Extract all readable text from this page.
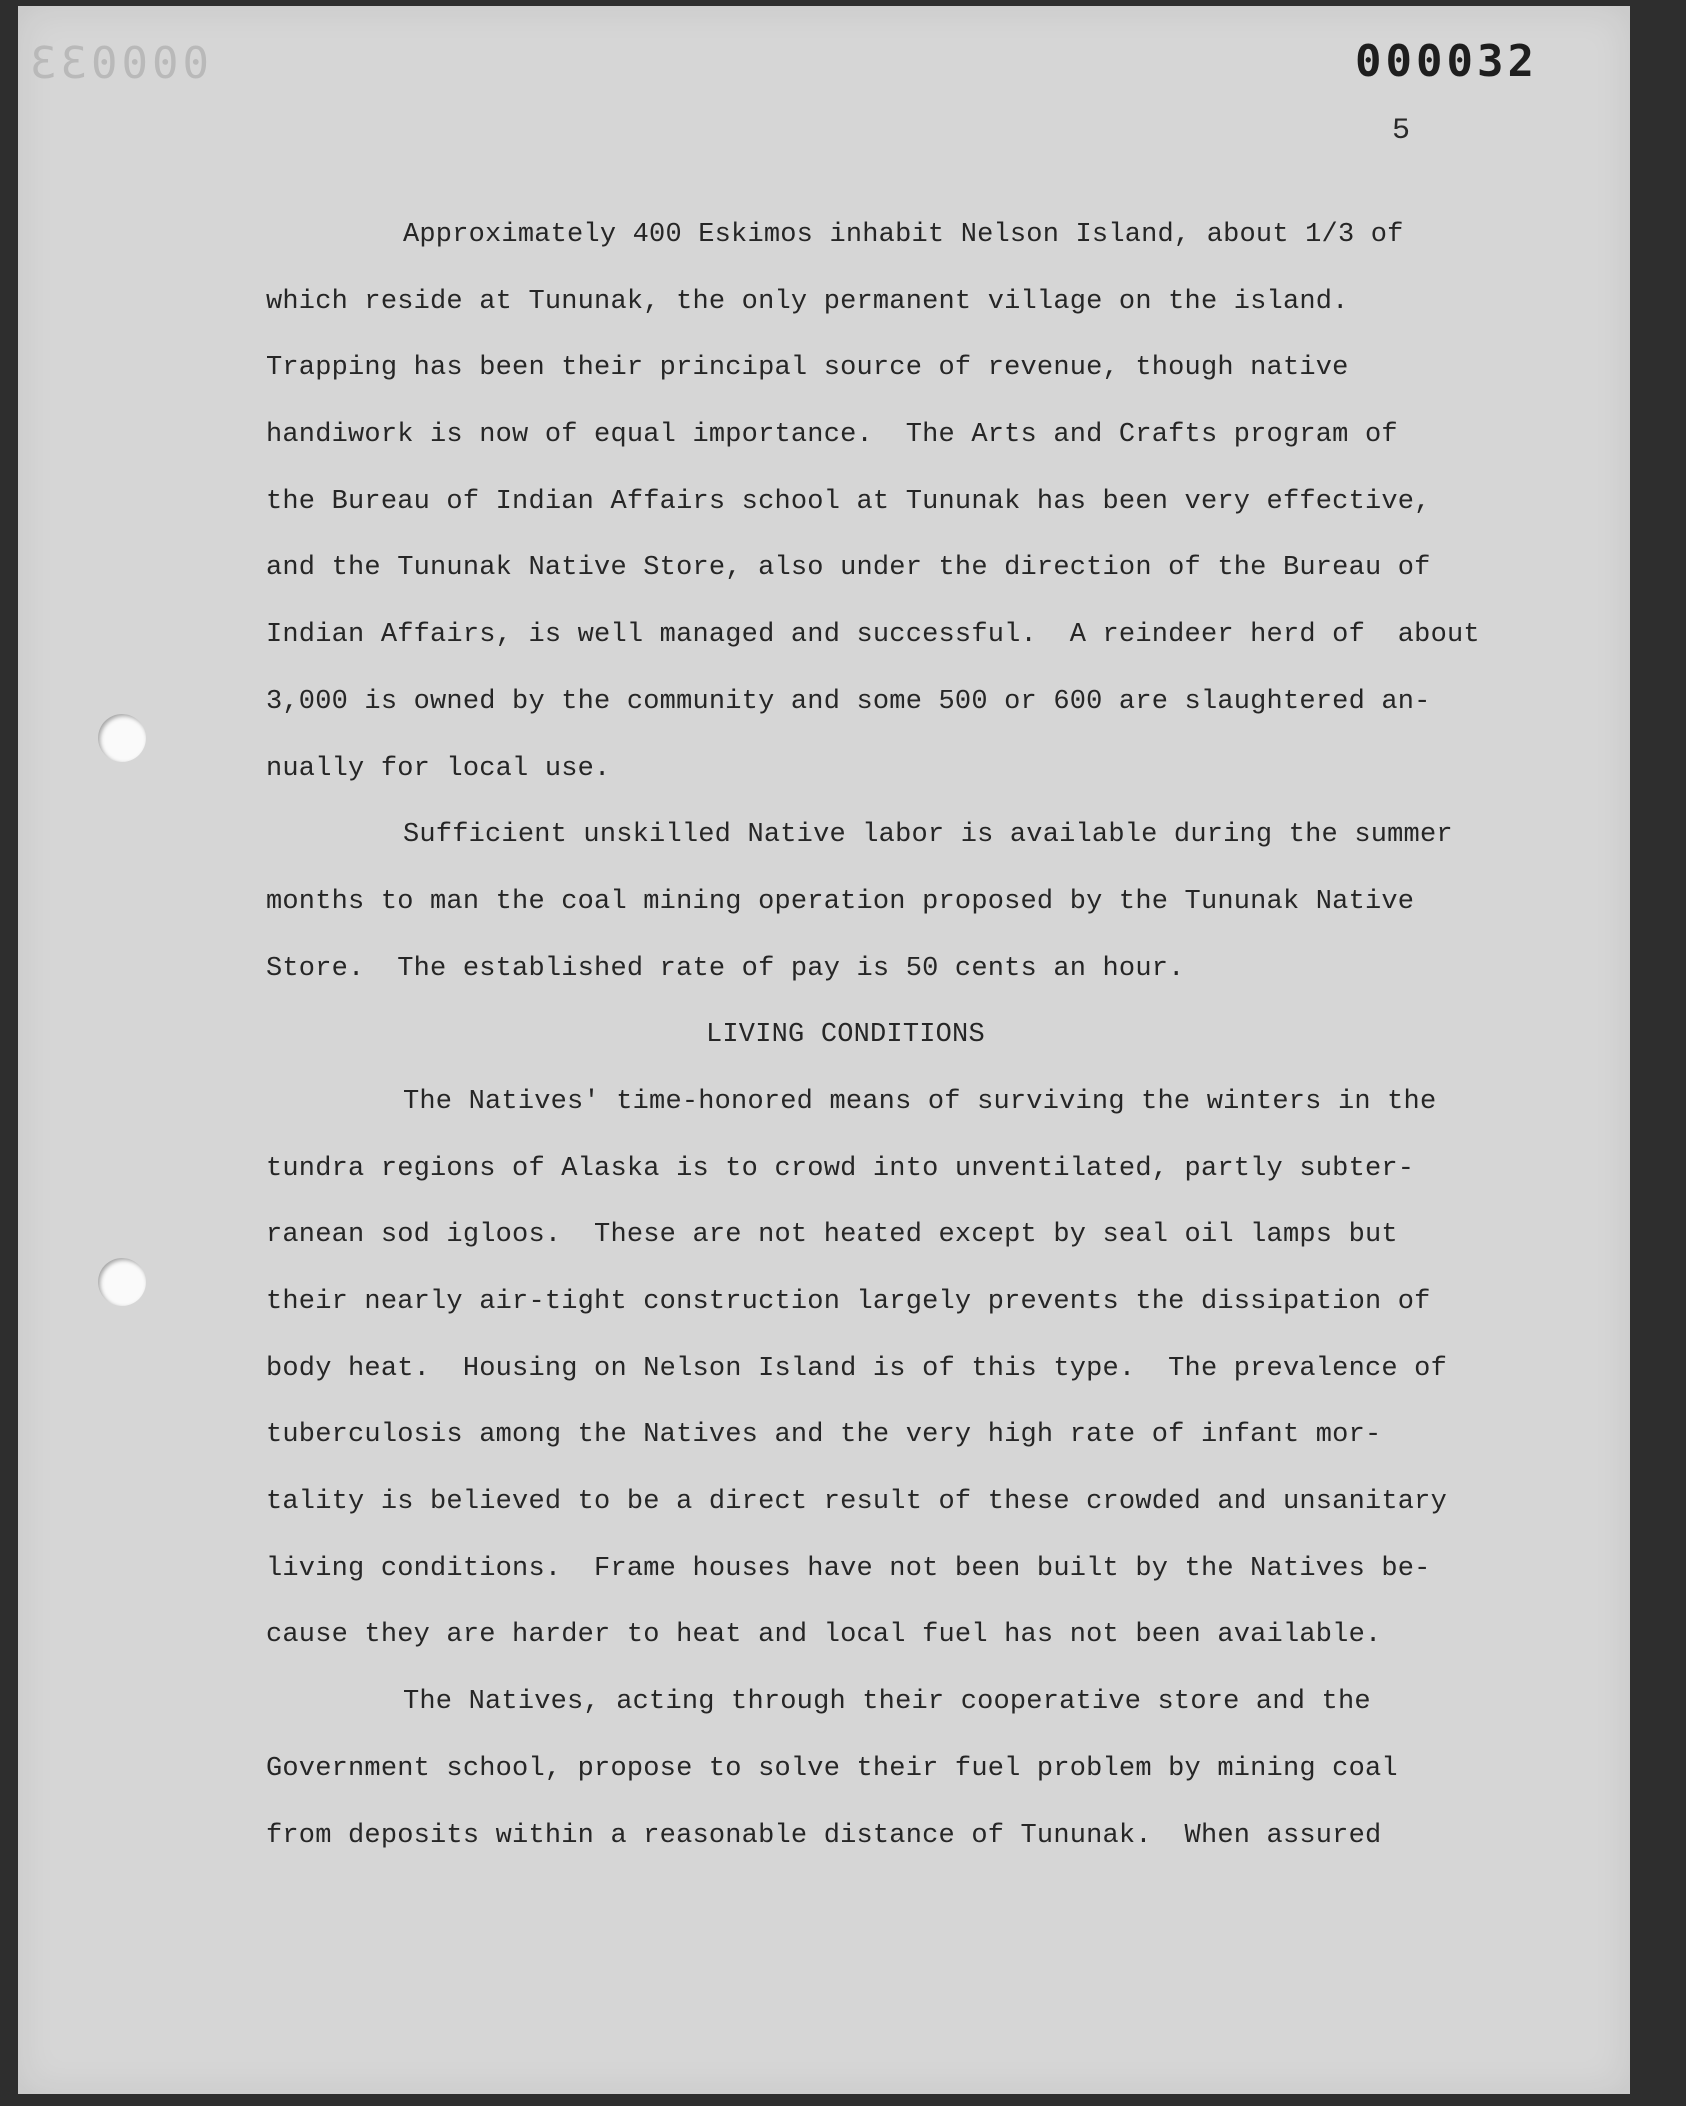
000033	000032
5
Approximately 400 Eskimos inhabit Nelson Island, about 1/3 of
which reside at Tununak, the only permanent village on the island.
Trapping has been their principal source of revenue, though native
handiwork is now of equal importance.  The Arts and Crafts program of
the Bureau of Indian Affairs school at Tununak has been very effective,
and the Tununak Native Store, also under the direction of the Bureau of
Indian Affairs, is well managed and successful.  A reindeer herd of  about
3,000 is owned by the community and some 500 or 600 are slaughtered an-
nually for local use.
Sufficient unskilled Native labor is available during the summer
months to man the coal mining operation proposed by the Tununak Native
Store.  The established rate of pay is 50 cents an hour.
LIVING CONDITIONS
The Natives' time-honored means of surviving the winters in the
tundra regions of Alaska is to crowd into unventilated, partly subter-
ranean sod igloos.  These are not heated except by seal oil lamps but
their nearly air-tight construction largely prevents the dissipation of
body heat.  Housing on Nelson Island is of this type.  The prevalence of
tuberculosis among the Natives and the very high rate of infant mor-
tality is believed to be a direct result of these crowded and unsanitary
living conditions.  Frame houses have not been built by the Natives be-
cause they are harder to heat and local fuel has not been available.
The Natives, acting through their cooperative store and the
Government school, propose to solve their fuel problem by mining coal
from deposits within a reasonable distance of Tununak.  When assured
